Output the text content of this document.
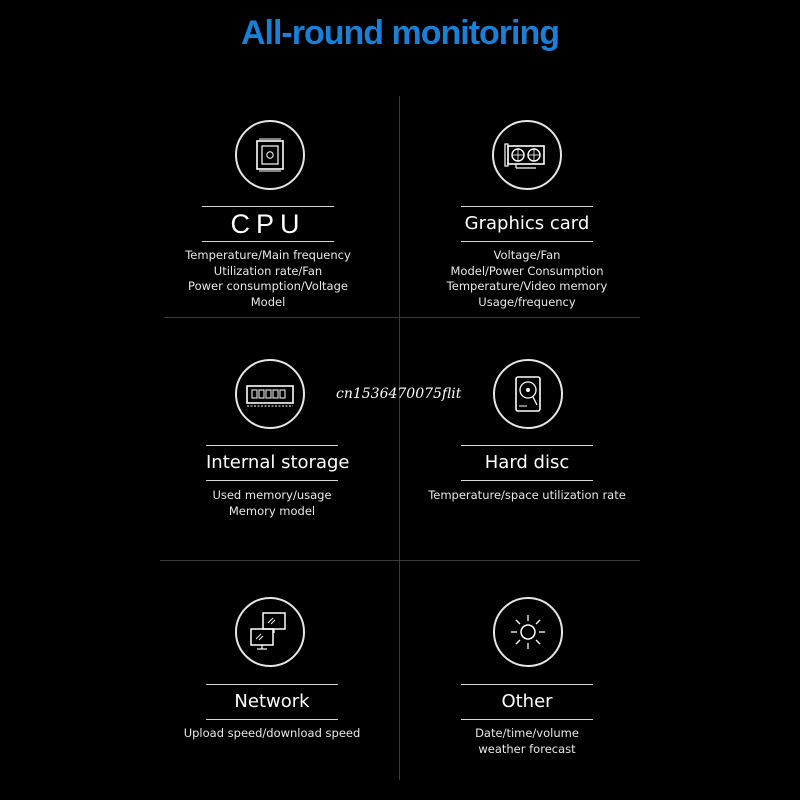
All-round monitoring
CPU
Temperature/Main frequency
Utilization rate/Fan
Power consumption/Voltage
Model
Graphics card
Voltage/Fan
Model/Power Consumption
Temperature/Video memory
Usage/frequency
Internal storage
Used memory/usage
Memory model
Hard disc
Temperature/space utilization rate
Network
Upload speed/download speed
Other
Date/time/volume
weather forecast
cn1536470075flit
